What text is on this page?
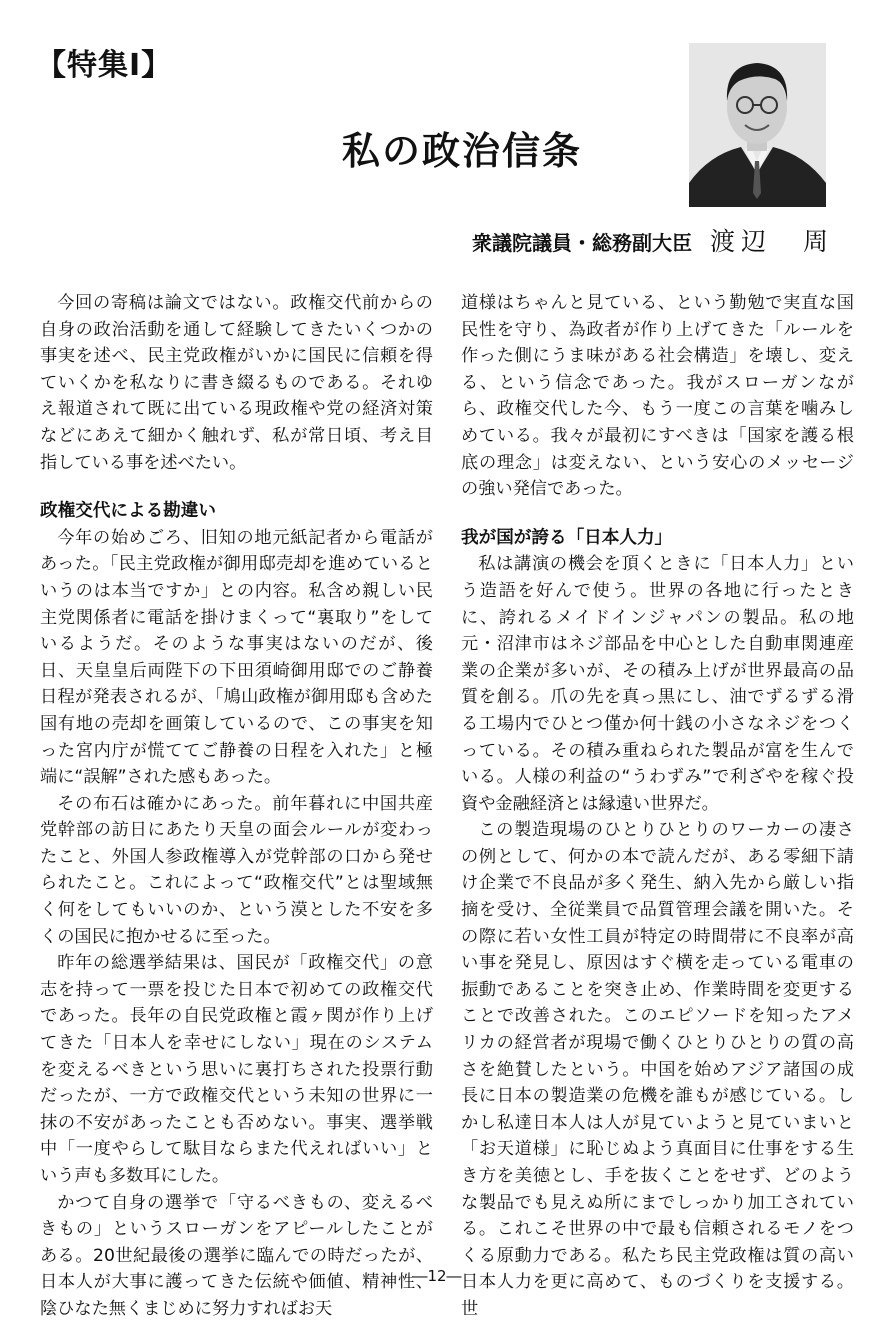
【特集Ⅰ】
私の政治信条
衆議院議員・総務副大臣 渡辺　周

今回の寄稿は論文ではない。政権交代前からの自身の政治活動を通して経験してきたいくつかの事実を述べ、民主党政権がいかに国民に信頼を得ていくかを私なりに書き綴るものである。それゆえ報道されて既に出ている現政権や党の経済対策などにあえて細かく触れず、私が常日頃、考え目指している事を述べたい。

政権交代による勘違い

今年の始めごろ、旧知の地元紙記者から電話があった。「民主党政権が御用邸売却を進めているというのは本当ですか」との内容。私含め親しい民主党関係者に電話を掛けまくって“裏取り”をしているようだ。そのような事実はないのだが、後日、天皇皇后両陛下の下田須崎御用邸でのご静養日程が発表されるが、「鳩山政権が御用邸も含めた国有地の売却を画策しているので、この事実を知った宮内庁が慌ててご静養の日程を入れた」と極端に“誤解”された感もあった。

その布石は確かにあった。前年暮れに中国共産党幹部の訪日にあたり天皇の面会ルールが変わったこと、外国人参政権導入が党幹部の口から発せられたこと。これによって“政権交代”とは聖域無く何をしてもいいのか、という漠とした不安を多くの国民に抱かせるに至った。

昨年の総選挙結果は、国民が「政権交代」の意志を持って一票を投じた日本で初めての政権交代であった。長年の自民党政権と霞ヶ関が作り上げてきた「日本人を幸せにしない」現在のシステムを変えるべきという思いに裏打ちされた投票行動だったが、一方で政権交代という未知の世界に一抹の不安があったことも否めない。事実、選挙戦中「一度やらして駄目ならまた代えればいい」という声も多数耳にした。

かつて自身の選挙で「守るべきもの、変えるべきもの」というスローガンをアピールしたことがある。20世紀最後の選挙に臨んでの時だったが、日本人が大事に護ってきた伝統や価値、精神性、陰ひなた無くまじめに努力すればお天

道様はちゃんと見ている、という勤勉で実直な国民性を守り、為政者が作り上げてきた「ルールを作った側にうま味がある社会構造」を壊し、変える、という信念であった。我がスローガンながら、政権交代した今、もう一度この言葉を噛みしめている。我々が最初にすべきは「国家を護る根底の理念」は変えない、という安心のメッセージの強い発信であった。

我が国が誇る「日本人力」

私は講演の機会を頂くときに「日本人力」という造語を好んで使う。世界の各地に行ったときに、誇れるメイドインジャパンの製品。私の地元・沼津市はネジ部品を中心とした自動車関連産業の企業が多いが、その積み上げが世界最高の品質を創る。爪の先を真っ黒にし、油でずるずる滑る工場内でひとつ僅か何十銭の小さなネジをつくっている。その積み重ねられた製品が富を生んでいる。人様の利益の“うわずみ”で利ざやを稼ぐ投資や金融経済とは縁遠い世界だ。

この製造現場のひとりひとりのワーカーの凄さの例として、何かの本で読んだが、ある零細下請け企業で不良品が多く発生、納入先から厳しい指摘を受け、全従業員で品質管理会議を開いた。その際に若い女性工員が特定の時間帯に不良率が高い事を発見し、原因はすぐ横を走っている電車の振動であることを突き止め、作業時間を変更することで改善された。このエピソードを知ったアメリカの経営者が現場で働くひとりひとりの質の高さを絶賛したという。中国を始めアジア諸国の成長に日本の製造業の危機を誰もが感じている。しかし私達日本人は人が見ていようと見ていまいと「お天道様」に恥じぬよう真面目に仕事をする生き方を美徳とし、手を抜くことをせず、どのような製品でも見えぬ所にまでしっかり加工されている。これこそ世界の中で最も信頼されるモノをつくる原動力である。私たち民主党政権は質の高い日本人力を更に高めて、ものづくりを支援する。世

―12―
